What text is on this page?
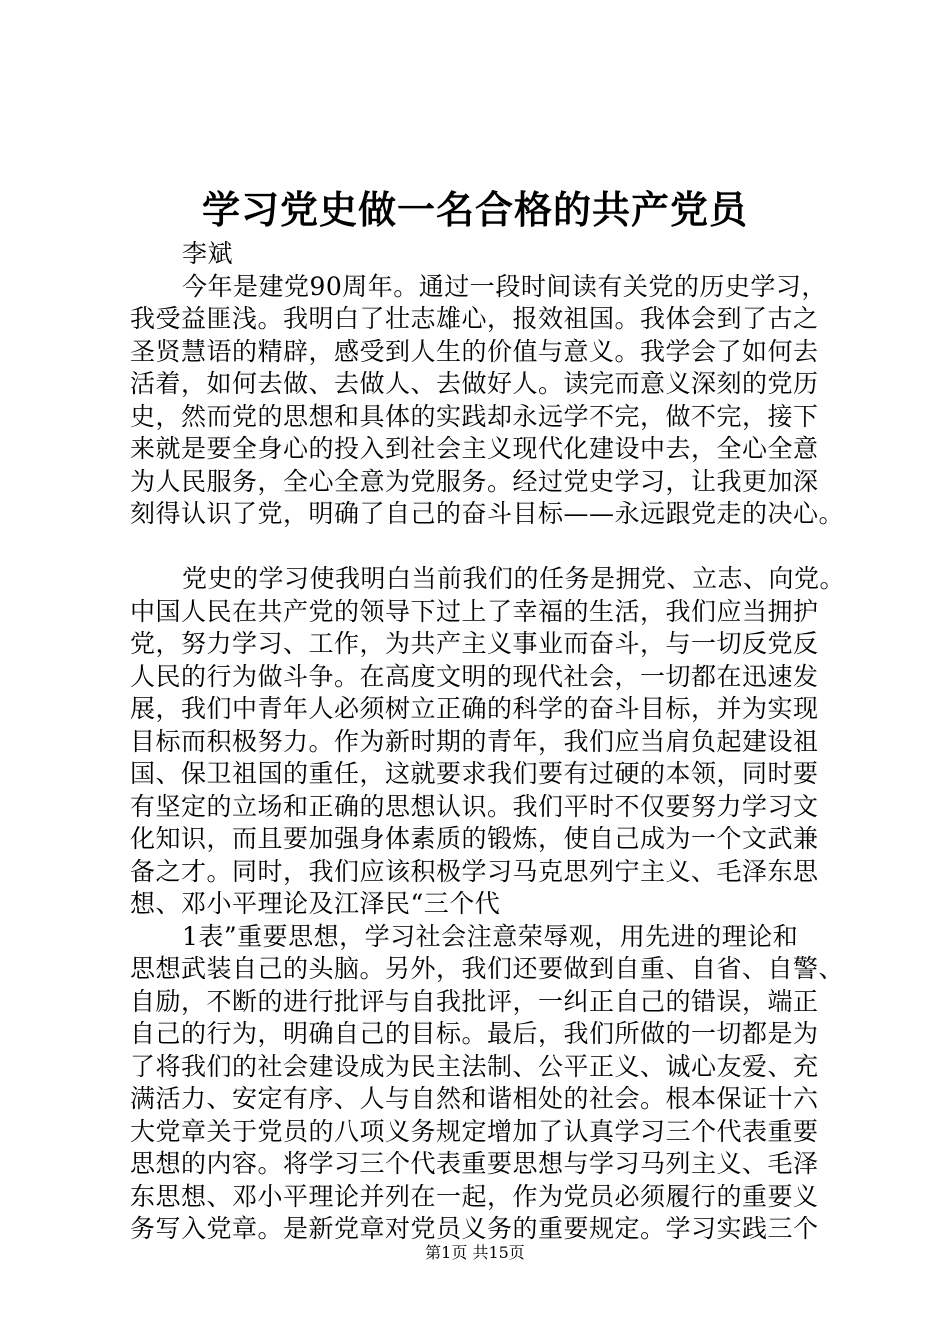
学习党史做一名合格的共产党员
李斌
今年是建党90周年。通过一段时间读有关党的历史学习，
我受益匪浅。我明白了壮志雄心，报效祖国。我体会到了古之
圣贤慧语的精辟，感受到人生的价值与意义。我学会了如何去
活着，如何去做、去做人、去做好人。读完而意义深刻的党历
史，然而党的思想和具体的实践却永远学不完，做不完，接下
来就是要全身心的投入到社会主义现代化建设中去，全心全意
为人民服务，全心全意为党服务。经过党史学习，让我更加深
刻得认识了党，明确了自己的奋斗目标——永远跟党走的决心。
党史的学习使我明白当前我们的任务是拥党、立志、向党。
中国人民在共产党的领导下过上了幸福的生活，我们应当拥护
党，努力学习、工作，为共产主义事业而奋斗，与一切反党反
人民的行为做斗争。在高度文明的现代社会，一切都在迅速发
展，我们中青年人必须树立正确的科学的奋斗目标，并为实现
目标而积极努力。作为新时期的青年，我们应当肩负起建设祖
国、保卫祖国的重任，这就要求我们要有过硬的本领，同时要
有坚定的立场和正确的思想认识。我们平时不仅要努力学习文
化知识，而且要加强身体素质的锻炼，使自己成为一个文武兼
备之才。同时，我们应该积极学习马克思列宁主义、毛泽东思
想、邓小平理论及江泽民“三个代
1表”重要思想，学习社会注意荣辱观，用先进的理论和
思想武装自己的头脑。另外，我们还要做到自重、自省、自警、
自励，不断的进行批评与自我批评，一纠正自己的错误，端正
自己的行为，明确自己的目标。最后，我们所做的一切都是为
了将我们的社会建设成为民主法制、公平正义、诚心友爱、充
满活力、安定有序、人与自然和谐相处的社会。根本保证十六
大党章关于党员的八项义务规定增加了认真学习三个代表重要
思想的内容。将学习三个代表重要思想与学习马列主义、毛泽
东思想、邓小平理论并列在一起，作为党员必须履行的重要义
务写入党章。是新党章对党员义务的重要规定。学习实践三个
第1页 共15页
